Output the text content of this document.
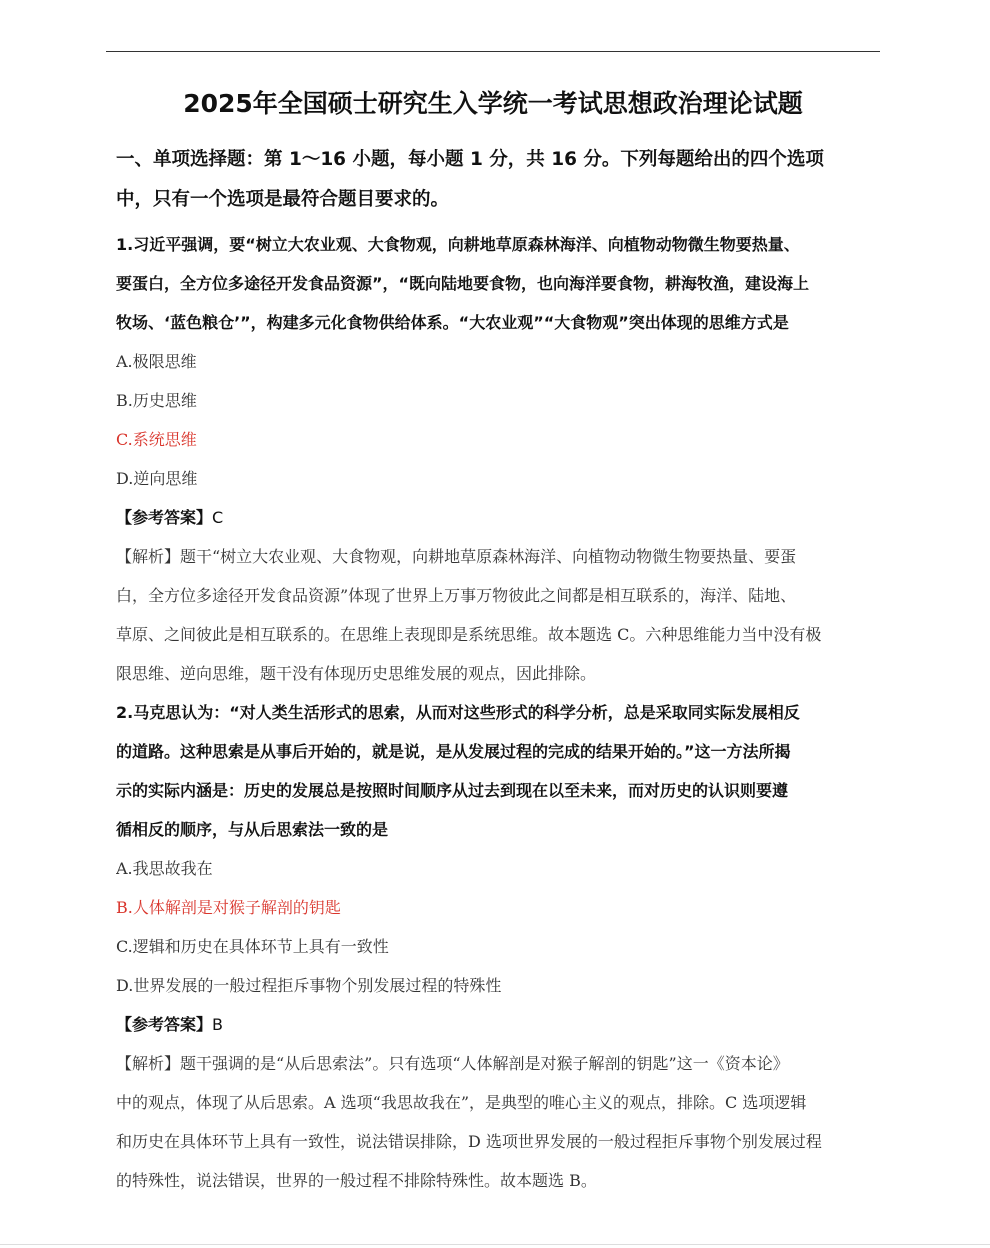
2025年全国硕士研究生入学统一考试思想政治理论试题
一、单项选择题：第 1～16 小题，每小题 1 分，共 16 分。下列每题给出的四个选项
中，只有一个选项是最符合题目要求的。
1.习近平强调，要“树立大农业观、大食物观，向耕地草原森林海洋、向植物动物微生物要热量、
要蛋白，全方位多途径开发食品资源”，“既向陆地要食物，也向海洋要食物，耕海牧渔，建设海上
牧场、‘蓝色粮仓’”，构建多元化食物供给体系。“大农业观”“大食物观”突出体现的思维方式是
A.极限思维
B.历史思维
C.系统思维
D.逆向思维
【参考答案】C
【解析】题干“树立大农业观、大食物观，向耕地草原森林海洋、向植物动物微生物要热量、要蛋
白，全方位多途径开发食品资源”体现了世界上万事万物彼此之间都是相互联系的，海洋、陆地、
草原、之间彼此是相互联系的。在思维上表现即是系统思维。故本题选 C。六种思维能力当中没有极
限思维、逆向思维，题干没有体现历史思维发展的观点，因此排除。
2.马克思认为：“对人类生活形式的思索，从而对这些形式的科学分析，总是采取同实际发展相反
的道路。这种思索是从事后开始的，就是说，是从发展过程的完成的结果开始的。”这一方法所揭
示的实际内涵是：历史的发展总是按照时间顺序从过去到现在以至未来，而对历史的认识则要遵
循相反的顺序，与从后思索法一致的是
A.我思故我在
B.人体解剖是对猴子解剖的钥匙
C.逻辑和历史在具体环节上具有一致性
D.世界发展的一般过程拒斥事物个别发展过程的特殊性
【参考答案】B
【解析】题干强调的是“从后思索法”。只有选项“人体解剖是对猴子解剖的钥匙”这一《资本论》
中的观点，体现了从后思索。A 选项“我思故我在”，是典型的唯心主义的观点，排除。C 选项逻辑
和历史在具体环节上具有一致性，说法错误排除，D 选项世界发展的一般过程拒斥事物个别发展过程
的特殊性，说法错误，世界的一般过程不排除特殊性。故本题选 B。
